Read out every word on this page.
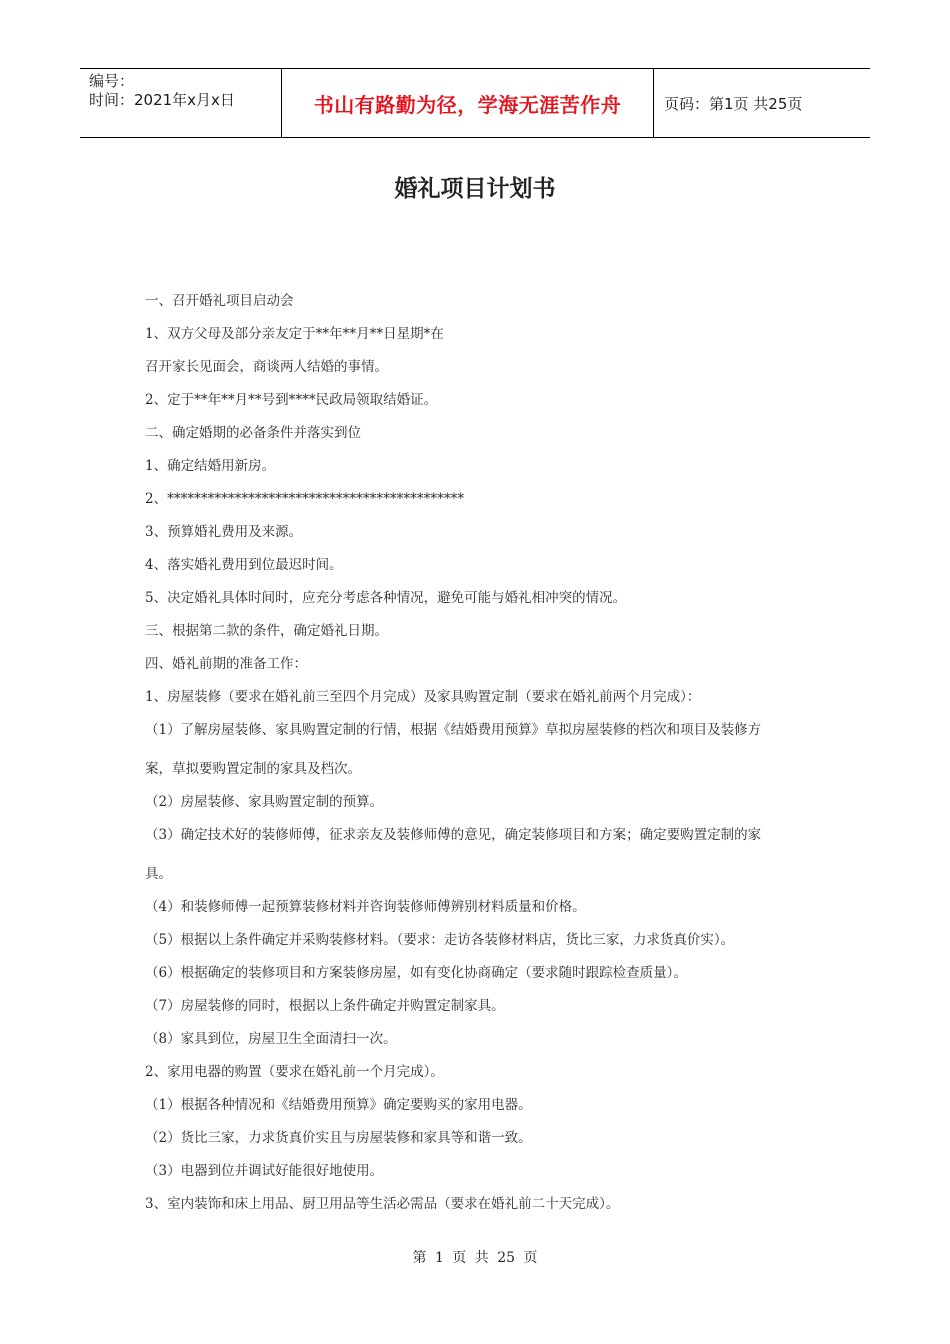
编号：
时间：2021年x月x日	书山有路勤为径，学海无涯苦作舟	页码：第1页 共25页
婚礼项目计划书
一、召开婚礼项目启动会
1、双方父母及部分亲友定于**年**月**日星期*在
召开家长见面会，商谈两人结婚的事情。
2、定于**年**月**号到****民政局领取结婚证。
二、确定婚期的必备条件并落实到位
1、确定结婚用新房。
2、********************************************
3、预算婚礼费用及来源。
4、落实婚礼费用到位最迟时间。
5、决定婚礼具体时间时，应充分考虑各种情况，避免可能与婚礼相冲突的情况。
三、根据第二款的条件，确定婚礼日期。
四、婚礼前期的准备工作：
1、房屋装修（要求在婚礼前三至四个月完成）及家具购置定制（要求在婚礼前两个月完成）：
（1）了解房屋装修、家具购置定制的行情，根据《结婚费用预算》草拟房屋装修的档次和项目及装修方
案，草拟要购置定制的家具及档次。
（2）房屋装修、家具购置定制的预算。
（3）确定技术好的装修师傅，征求亲友及装修师傅的意见，确定装修项目和方案；确定要购置定制的家
具。
（4）和装修师傅一起预算装修材料并咨询装修师傅辨别材料质量和价格。
（5）根据以上条件确定并采购装修材料。（要求：走访各装修材料店，货比三家，力求货真价实）。
（6）根据确定的装修项目和方案装修房屋，如有变化协商确定（要求随时跟踪检查质量）。
（7）房屋装修的同时，根据以上条件确定并购置定制家具。
（8）家具到位，房屋卫生全面清扫一次。
2、家用电器的购置（要求在婚礼前一个月完成）。
（1）根据各种情况和《结婚费用预算》确定要购买的家用电器。
（2）货比三家，力求货真价实且与房屋装修和家具等和谐一致。
（3）电器到位并调试好能很好地使用。
3、室内装饰和床上用品、厨卫用品等生活必需品（要求在婚礼前二十天完成）。
第 1 页 共 25 页
